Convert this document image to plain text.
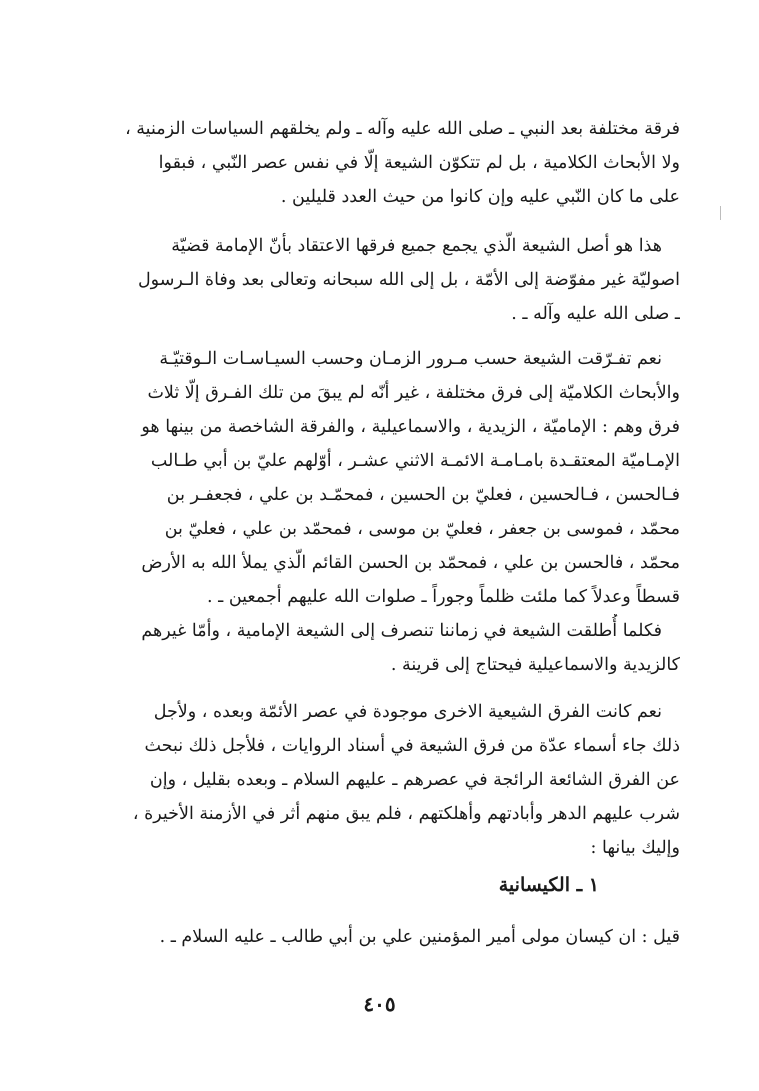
فرقة مختلفة بعد النبي ـ صلى الله عليه وآله ـ ولم يخلقهم السياسات الزمنية ،
ولا الأبحاث الكلامية ، بل لم تتكوّن الشيعة إلّا في نفس عصر النّبي ، فبقوا
على ما كان النّبي عليه وإن كانوا من حيث العدد قليلين .
هذا هو أصل الشيعة الّذي يجمع جميع فرقها الاعتقاد بأنّ الإمامة قضيّة
اصوليّة غير مفوّضة إلى الأمّة ، بل إلى الله سبحانه وتعالى بعد وفاة الـرسول
ـ صلى الله عليه وآله ـ .
نعم تفـرّقت الشيعة حسب مـرور الزمـان وحسب السيـاسـات الـوقتيّـة
والأبحاث الكلاميّة إلى فرق مختلفة ، غير أنّه لم يبقَ من تلك الفـرق إلّا ثلاث
فرق وهم : الإماميّة ، الزيدية ، والاسماعيلية ، والفرقة الشاخصة من بينها هو
الإمـاميّة المعتقـدة بامـامـة الائمـة الاثني عشـر ، أوّلهم عليّ بن أبي طـالب
فـالحسن ، فـالحسين ، فعليّ بن الحسين ، فمحمّـد بن علي ، فجعفـر بن
محمّد ، فموسى بن جعفر ، فعليّ بن موسى ، فمحمّد بن علي ، فعليّ بن
محمّد ، فالحسن بن علي ، فمحمّد بن الحسن القائم الّذي يملأ الله به الأرض
قسطاً وعدلاً كما ملئت ظلماً وجوراً ـ صلوات الله عليهم أجمعين ـ .
فكلما أُطلقت الشيعة في زماننا تنصرف إلى الشيعة الإمامية ، وأمّا غيرهم
كالزيدية والاسماعيلية فيحتاج إلى قرينة .
نعم كانت الفرق الشيعية الاخرى موجودة في عصر الأئمّة وبعده ، ولأجل
ذلك جاء أسماء عدّة من فرق الشيعة في أسناد الروايات ، فلأجل ذلك نبحث
عن الفرق الشائعة الرائجة في عصرهم ـ عليهم السلام ـ وبعده بقليل ، وإن
شرب عليهم الدهر وأبادتهم وأهلكتهم ، فلم يبق منهم أثر في الأزمنة الأخيرة ،
وإليك بيانها :
١ ـ الكيسانية
قيل : ان كيسان مولى أمير المؤمنين علي بن أبي طالب ـ عليه السلام ـ .
٤٠٥
